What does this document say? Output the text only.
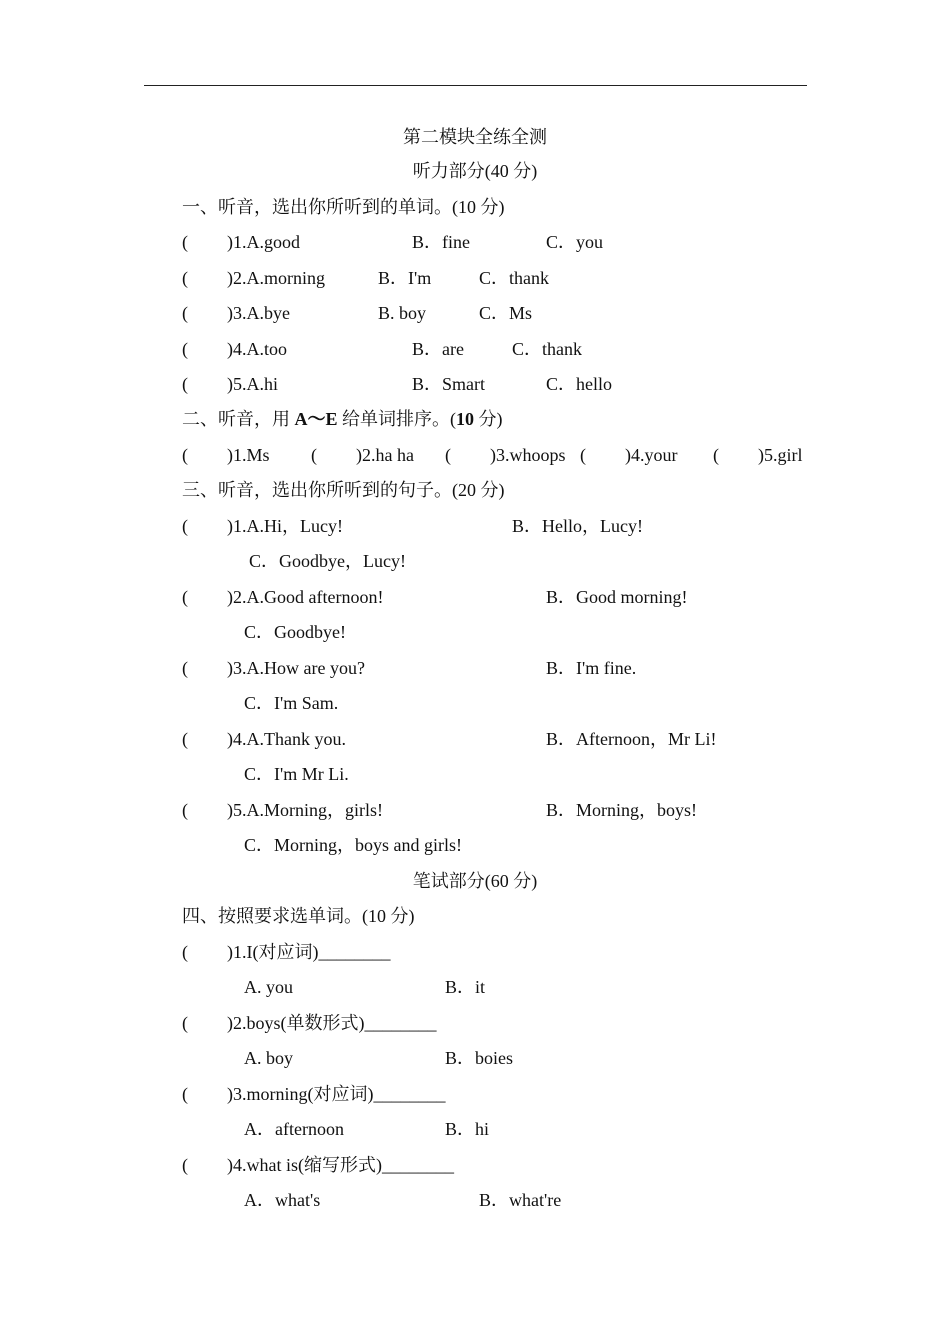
第二模块全练全测
听力部分(40 分)
一、听音，选出你所听到的单词。(10 分)
( )1.A.good	B．fine	C．you
( )2.A.morning	B．I'm	C．thank
( )3.A.bye	B. boy	C．Ms
( )4.A.too	B．are	C．thank
( )5.A.hi	B．Smart	C．hello
二、听音，用 A～E 给单词排序。(10 分)
( )1.Ms ( )2.ha ha ( )3.whoops ( )4.your ( )5.girl
三、听音，选出你所听到的句子。(20 分)
( )1.A.Hi，Lucy!	B．Hello，Lucy!
C．Goodbye，Lucy!
( )2.A.Good afternoon!	B．Good morning!
C．Goodbye!
( )3.A.How are you?	B．I'm fine.
C．I'm Sam.
( )4.A.Thank you.	B．Afternoon，Mr Li!
C．I'm Mr Li.
( )5.A.Morning，girls!	B．Morning，boys!
C．Morning，boys and girls!
笔试部分(60 分)
四、按照要求选单词。(10 分)
( )1.I(对应词)________
A. you	B．it
( )2.boys(单数形式)________
A. boy	B．boies
( )3.morning(对应词)________
A．afternoon	B．hi
( )4.what is(缩写形式)________
A．what's	B．what're
